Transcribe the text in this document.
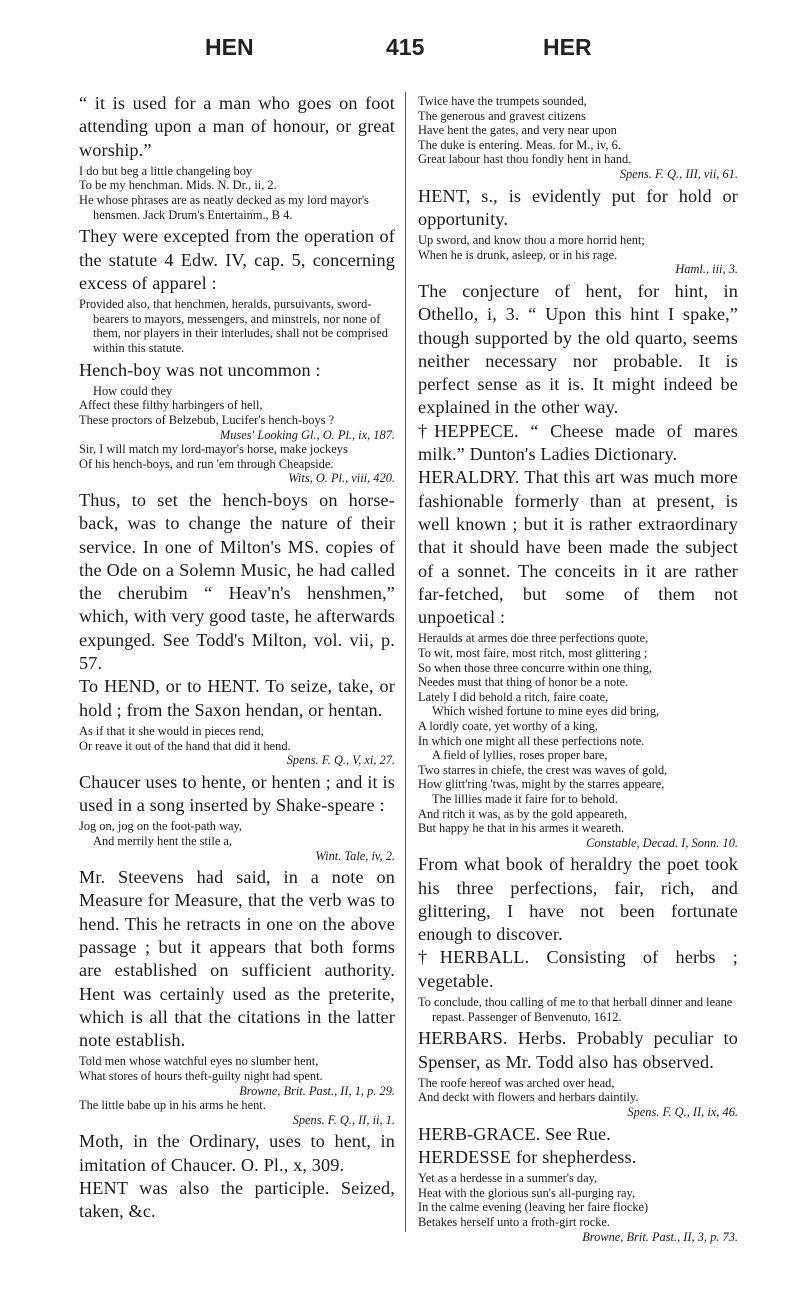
HEN	415	HER

“ it is used for a man who goes on foot attending upon a man of honour, or great worship.”

I do but beg a little changeling boy
To be my henchman. Mids. N. Dr., ii, 2.
He whose phrases are as neatly decked as my lord mayor's hensmen. Jack Drum's Entertainm., B 4.

They were excepted from the operation of the statute 4 Edw. IV, cap. 5, concerning excess of apparel :

Provided also, that henchmen, heralds, pursuivants, sword-bearers to mayors, messengers, and minstrels, nor none of them, nor players in their interludes, shall not be comprised within this statute.

Hench-boy was not uncommon :

How could they
Affect these filthy harbingers of hell,
These proctors of Belzebub, Lucifer's hench-boys ?
Muses' Looking Gl., O. Pl., ix, 187.
Sir, I will match my lord-mayor's horse, make jockeys
Of his hench-boys, and run 'em through Cheapside.
Wits, O. Pl., viii, 420.

Thus, to set the hench-boys on horse-back, was to change the nature of their service. In one of Milton's MS. copies of the Ode on a Solemn Music, he had called the cherubim “ Heav'n's henshmen,” which, with very good taste, he afterwards expunged. See Todd's Milton, vol. vii, p. 57.

To HEND, or to HENT. To seize, take, or hold ; from the Saxon hendan, or hentan.

As if that it she would in pieces rend,
Or reave it out of the hand that did it hend.
Spens. F. Q., V, xi, 27.

Chaucer uses to hente, or henten ; and it is used in a song inserted by Shake-speare :

Jog on, jog on the foot-path way,
And merrily hent the stile a,
Wint. Tale, iv, 2.

Mr. Steevens had said, in a note on Measure for Measure, that the verb was to hend. This he retracts in one on the above passage ; but it appears that both forms are established on sufficient authority. Hent was certainly used as the preterite, which is all that the citations in the latter note establish.

Told men whose watchful eyes no slumber hent,
What stores of hours theft-guilty night had spent.
Browne, Brit. Past., II, 1, p. 29.
The little babe up in his arms he hent.
Spens. F. Q., II, ii, 1.

Moth, in the Ordinary, uses to hent, in imitation of Chaucer. O. Pl., x, 309.

HENT was also the participle. Seized, taken, &c.

Twice have the trumpets sounded,
The generous and gravest citizens
Have hent the gates, and very near upon
The duke is entering. Meas. for M., iv, 6.
Great labour hast thou fondly hent in hand.
Spens. F. Q., III, vii, 61.

HENT, s., is evidently put for hold or opportunity.

Up sword, and know thou a more horrid hent;
When he is drunk, asleep, or in his rage.
Haml., iii, 3.

The conjecture of hent, for hint, in Othello, i, 3. “ Upon this hint I spake,” though supported by the old quarto, seems neither necessary nor probable. It is perfect sense as it is. It might indeed be explained in the other way.

†HEPPECE. “ Cheese made of mares milk.” Dunton's Ladies Dictionary.

HERALDRY. That this art was much more fashionable formerly than at present, is well known ; but it is rather extraordinary that it should have been made the subject of a sonnet. The conceits in it are rather far-fetched, but some of them not unpoetical :

Heraulds at armes doe three perfections quote,
To wit, most faire, most ritch, most glittering ;
So when those three concurre within one thing,
Needes must that thing of honor be a note.
Lately I did behold a ritch, faire coate,
Which wished fortune to mine eyes did bring,
A lordly coate, yet worthy of a king,
In which one might all these perfections note.
A field of lyllies, roses proper bare,
Two starres in chiefe, the crest was waves of gold,
How glitt'ring 'twas, might by the starres appeare,
The lillies made it faire for to behold.
And ritch it was, as by the gold appeareth,
But happy he that in his armes it weareth.
Constable, Decad. I, Sonn. 10.

From what book of heraldry the poet took his three perfections, fair, rich, and glittering, I have not been fortunate enough to discover.

†HERBALL. Consisting of herbs ; vegetable.

To conclude, thou calling of me to that herball dinner and leane repast. Passenger of Benvenuto, 1612.

HERBARS. Herbs. Probably peculiar to Spenser, as Mr. Todd also has observed.

The roofe hereof was arched over head,
And deckt with flowers and herbars daintily.
Spens. F. Q., II, ix, 46.

HERB-GRACE. See Rue.

HERDESSE for shepherdess.

Yet as a herdesse in a summer's day,
Heat with the glorious sun's all-purging ray,
In the calme evening (leaving her faire flocke)
Betakes herself unto a froth-girt rocke.
Browne, Brit. Past., II, 3, p. 73.
